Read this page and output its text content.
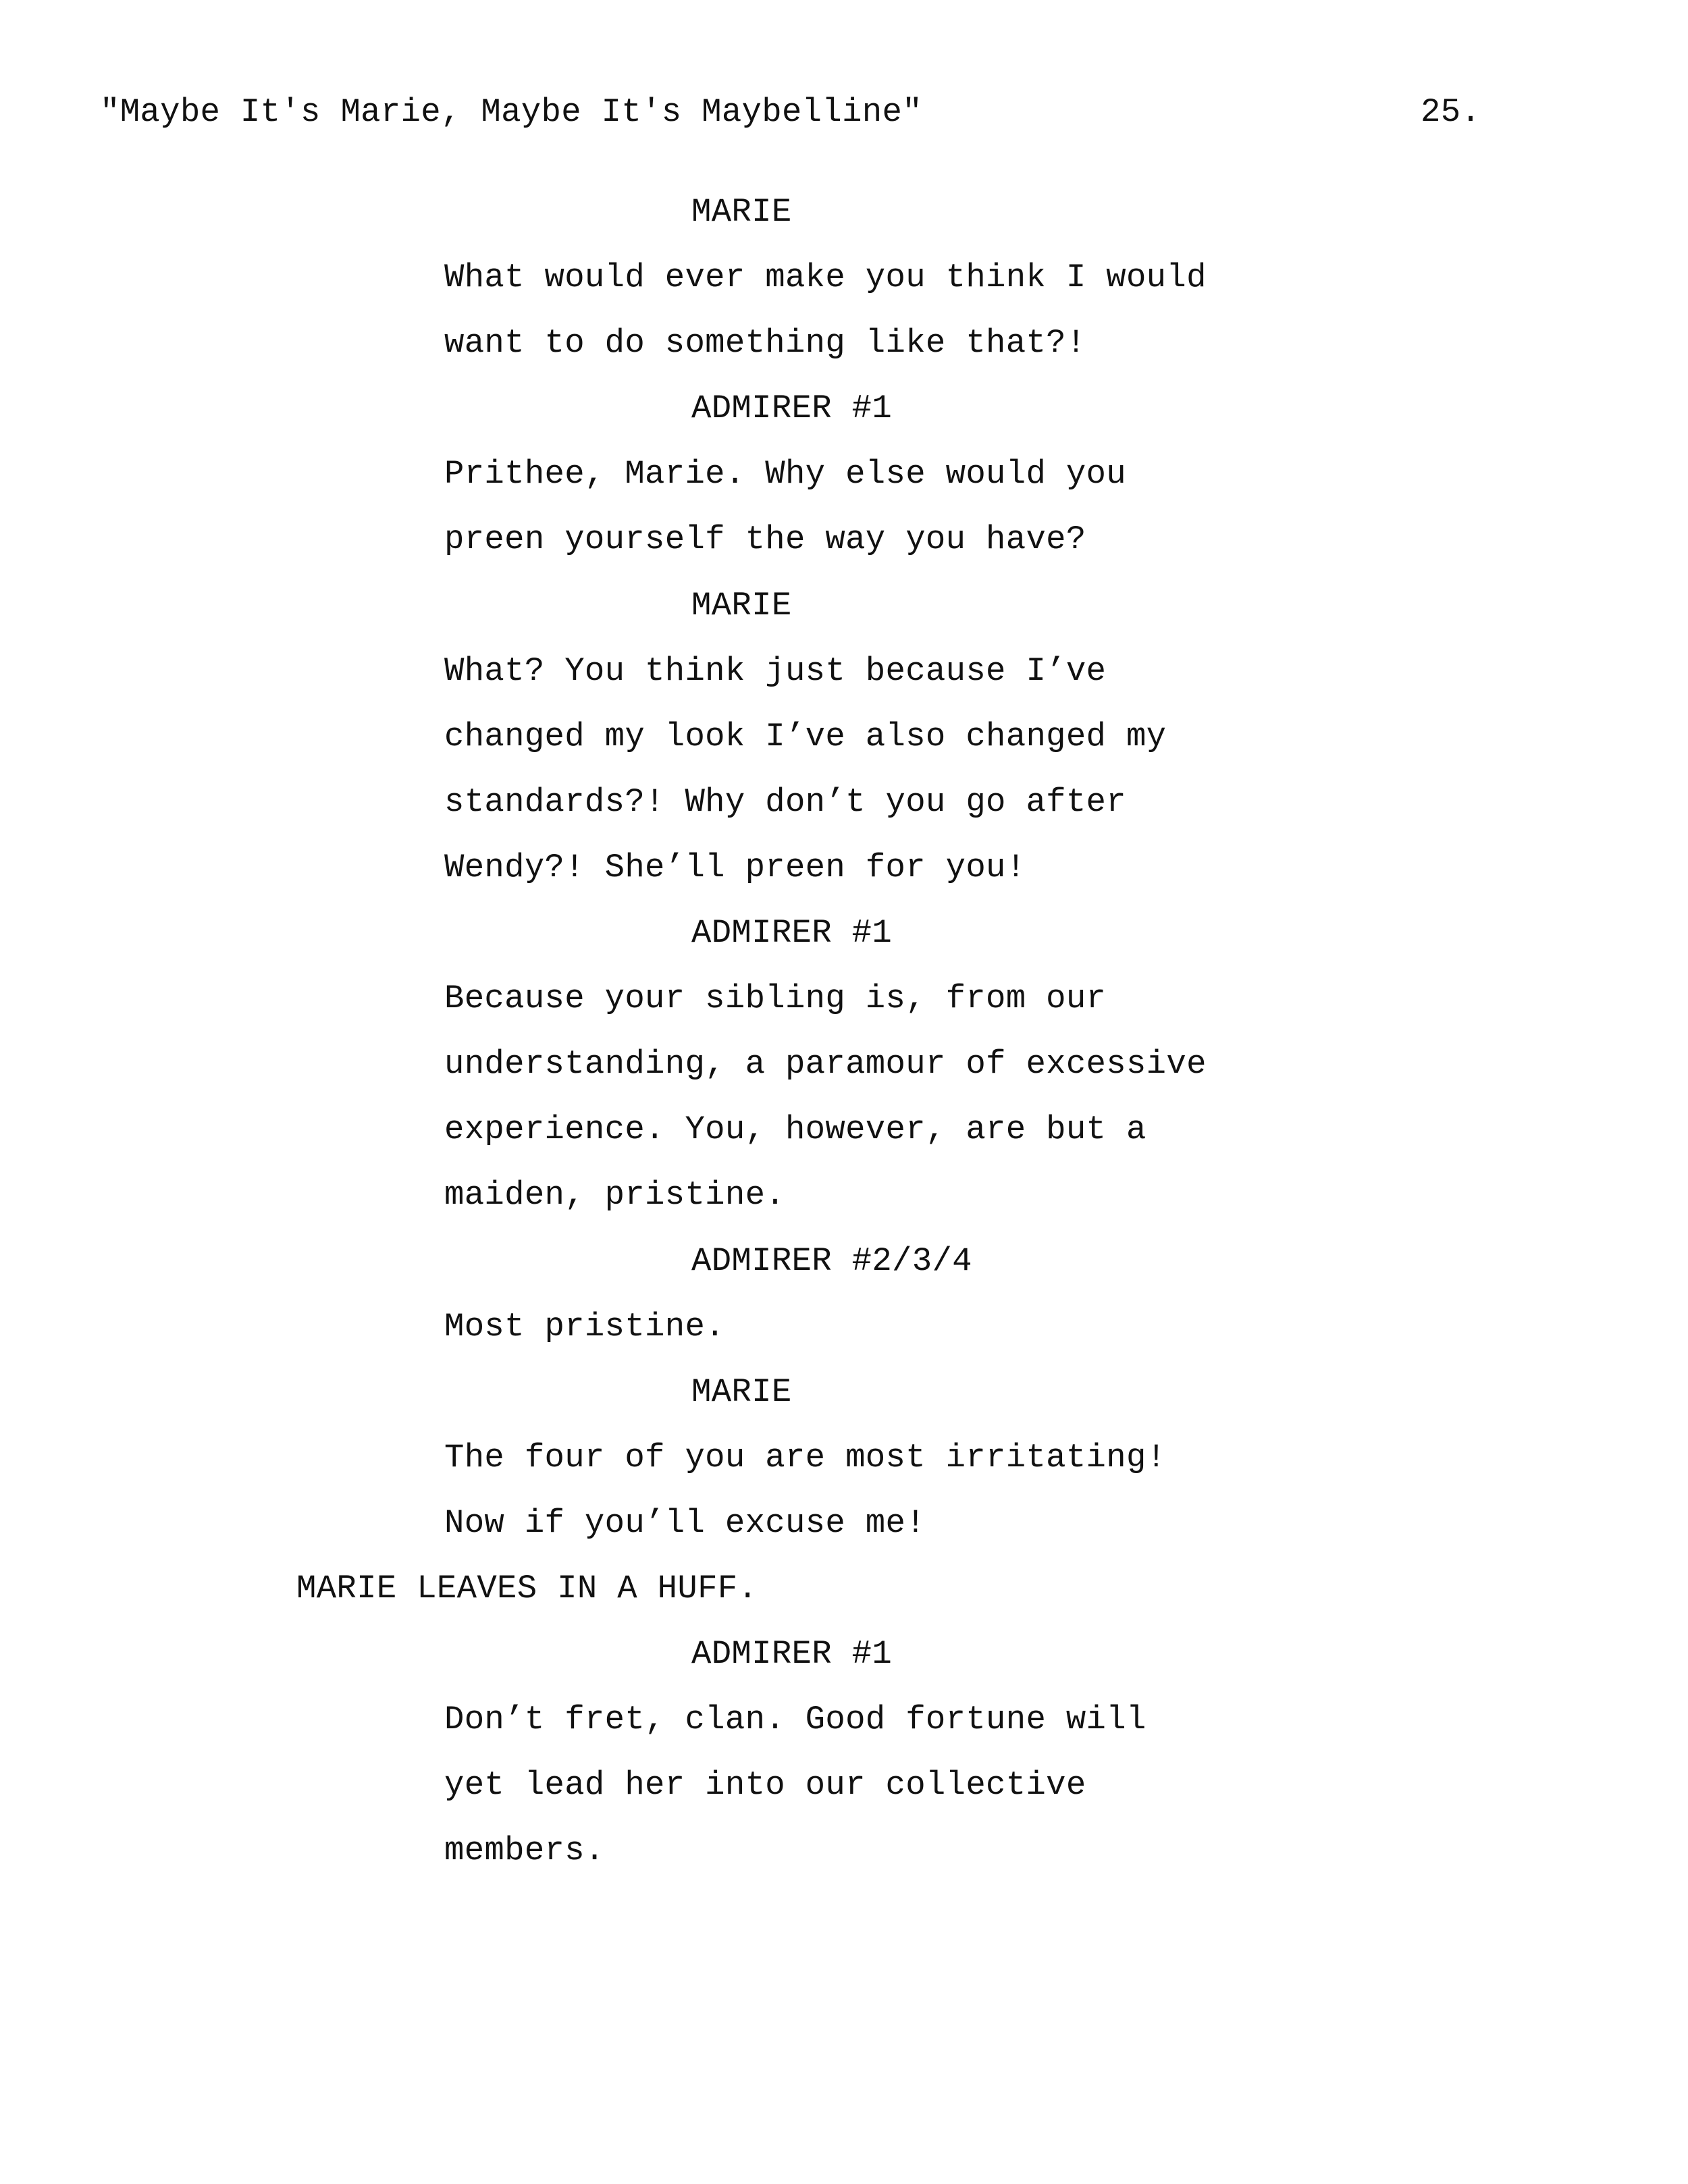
"Maybe It's Marie, Maybe It's Maybelline"	25.
MARIE
What would ever make you think I would
want to do something like that?!
ADMIRER #1
Prithee, Marie. Why else would you
preen yourself the way you have?
MARIE
What? You think just because I’ve
changed my look I’ve also changed my
standards?! Why don’t you go after
Wendy?! She’ll preen for you!
ADMIRER #1
Because your sibling is, from our
understanding, a paramour of excessive
experience. You, however, are but a
maiden, pristine.
ADMIRER #2/3/4
Most pristine.
MARIE
The four of you are most irritating!
Now if you’ll excuse me!
MARIE LEAVES IN A HUFF.
ADMIRER #1
Don’t fret, clan. Good fortune will
yet lead her into our collective
members.
